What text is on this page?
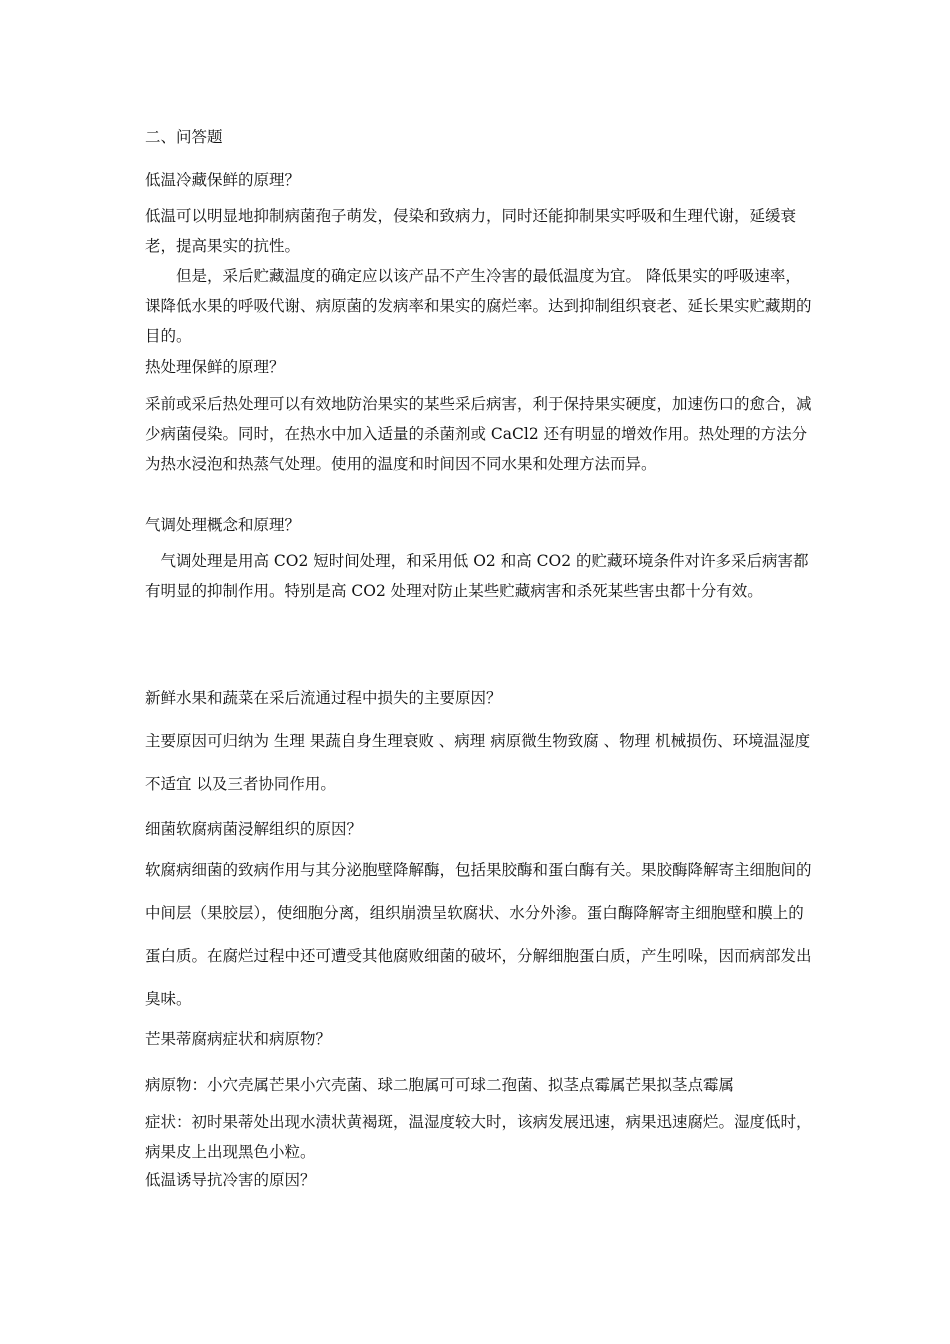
二、问答题
低温冷藏保鲜的原理？
低温可以明显地抑制病菌孢子萌发，侵染和致病力，同时还能抑制果实呼吸和生理代谢，延缓衰老，提高果实的抗性。
但是，采后贮藏温度的确定应以该产品不产生冷害的最低温度为宜。 降低果实的呼吸速率，课降低水果的呼吸代谢、病原菌的发病率和果实的腐烂率。达到抑制组织衰老、延长果实贮藏期的目的。
热处理保鲜的原理？
采前或采后热处理可以有效地防治果实的某些采后病害，利于保持果实硬度，加速伤口的愈合，减少病菌侵染。同时，在热水中加入适量的杀菌剂或 CaCl2 还有明显的增效作用。热处理的方法分为热水浸泡和热蒸气处理。使用的温度和时间因不同水果和处理方法而异。
气调处理概念和原理？
气调处理是用高 CO2 短时间处理，和采用低 O2 和高 CO2 的贮藏环境条件对许多采后病害都有明显的抑制作用。特别是高 CO2 处理对防止某些贮藏病害和杀死某些害虫都十分有效。
新鲜水果和蔬菜在采后流通过程中损失的主要原因？
主要原因可归纳为 生理 果蔬自身生理衰败 、病理 病原微生物致腐 、物理 机械损伤、环境温湿度不适宜 以及三者协同作用。
细菌软腐病菌浸解组织的原因？
软腐病细菌的致病作用与其分泌胞壁降解酶，包括果胶酶和蛋白酶有关。果胶酶降解寄主细胞间的中间层（果胶层），使细胞分离，组织崩溃呈软腐状、水分外渗。蛋白酶降解寄主细胞壁和膜上的蛋白质。在腐烂过程中还可遭受其他腐败细菌的破坏，分解细胞蛋白质，产生吲哚，因而病部发出臭味。
芒果蒂腐病症状和病原物？
病原物：小穴壳属芒果小穴壳菌、球二胞属可可球二孢菌、拟茎点霉属芒果拟茎点霉属
症状：初时果蒂处出现水渍状黄褐斑，温湿度较大时，该病发展迅速，病果迅速腐烂。湿度低时，病果皮上出现黑色小粒。
低温诱导抗冷害的原因？
